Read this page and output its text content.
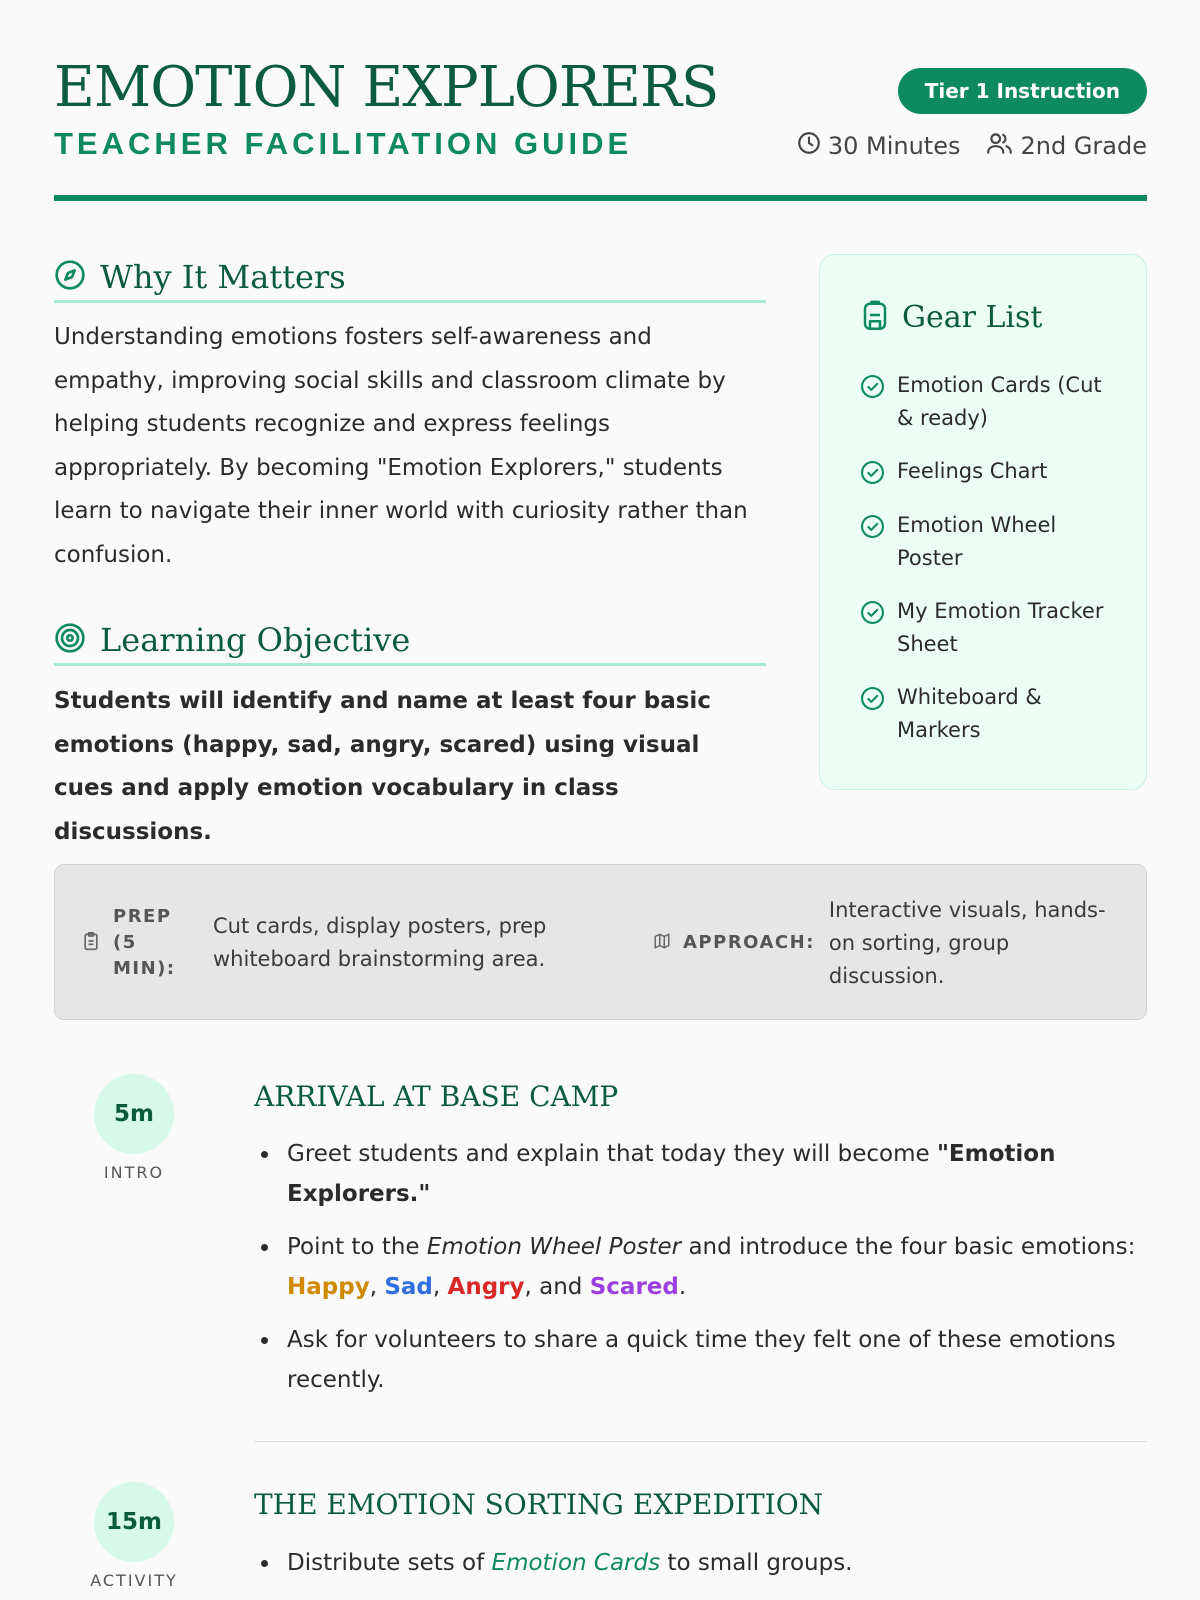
EMOTION EXPLORERS
TEACHER FACILITATION GUIDE
Tier 1 Instruction
30 Minutes	2nd Grade
Why It Matters
Understanding emotions fosters self-awareness and empathy, improving social skills and classroom climate by helping students recognize and express feelings appropriately. By becoming "Emotion Explorers," students learn to navigate their inner world with curiosity rather than confusion.
Learning Objective
Students will identify and name at least four basic emotions (happy, sad, angry, scared) using visual cues and apply emotion vocabulary in class discussions.
Gear List
Emotion Cards (Cut & ready)
Feelings Chart
Emotion Wheel Poster
My Emotion Tracker Sheet
Whiteboard & Markers
PREP (5 MIN):
Cut cards, display posters, prep whiteboard brainstorming area.
APPROACH:
Interactive visuals, hands-on sorting, group discussion.
5m
INTRO
ARRIVAL AT BASE CAMP
Greet students and explain that today they will become "Emotion Explorers."
Point to the Emotion Wheel Poster and introduce the four basic emotions: Happy, Sad, Angry, and Scared.
Ask for volunteers to share a quick time they felt one of these emotions recently.
15m
ACTIVITY
THE EMOTION SORTING EXPEDITION
Distribute sets of Emotion Cards to small groups.
